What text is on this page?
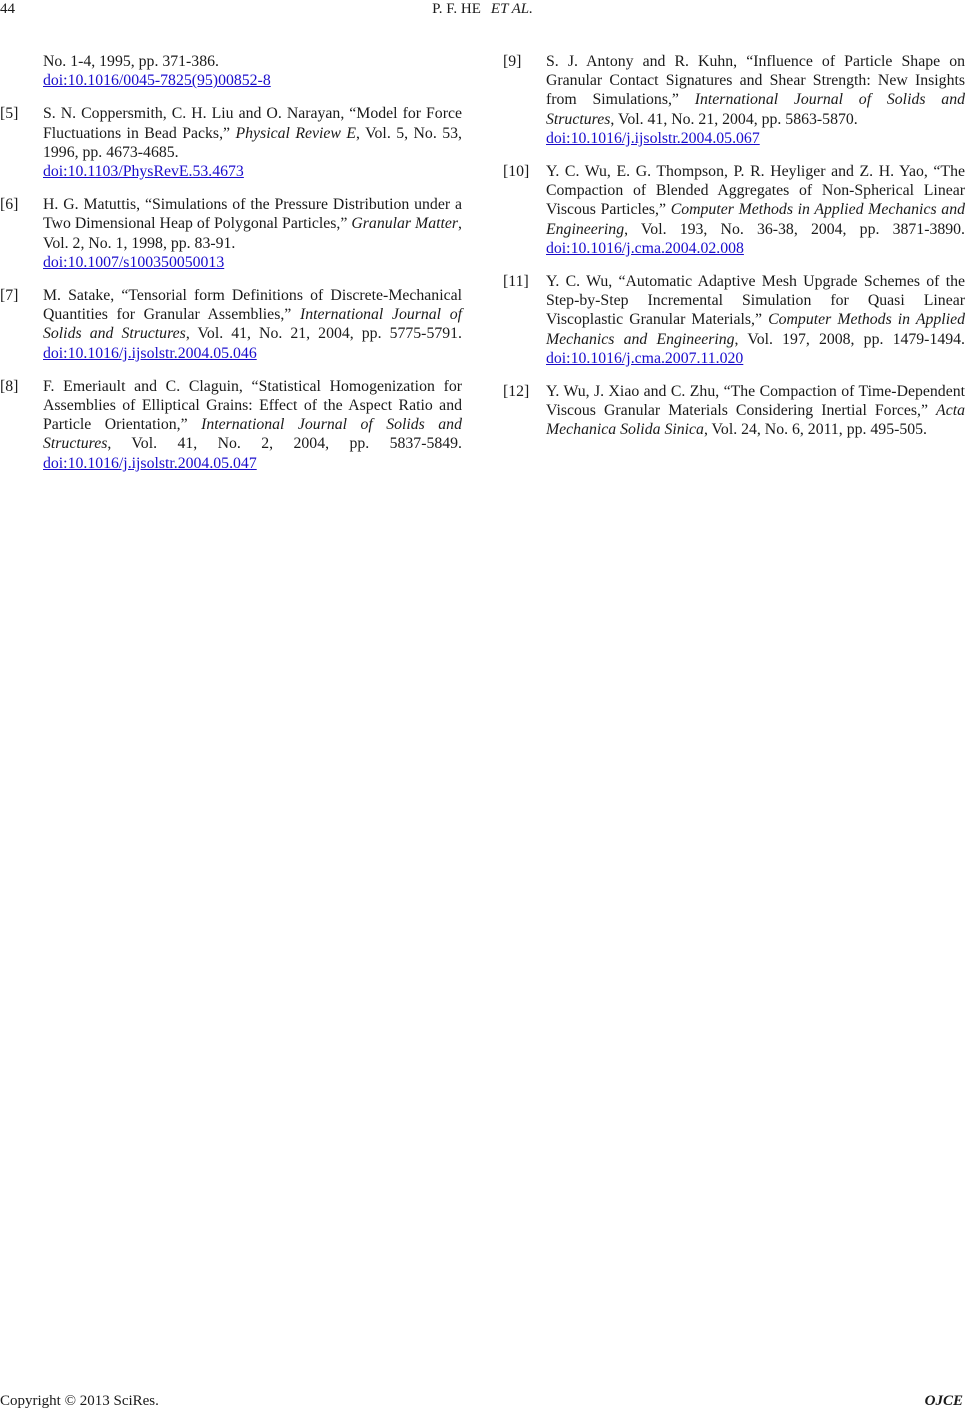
44	P. F. HE ET AL.
No. 1-4, 1995, pp. 371-386.
doi:10.1016/0045-7825(95)00852-8
[5] S. N. Coppersmith, C. H. Liu and O. Narayan, “Model for Force Fluctuations in Bead Packs,” Physical Review E, Vol. 5, No. 53, 1996, pp. 4673-4685.
doi:10.1103/PhysRevE.53.4673
[6] H. G. Matuttis, “Simulations of the Pressure Distribution under a Two Dimensional Heap of Polygonal Particles,” Granular Matter, Vol. 2, No. 1, 1998, pp. 83-91.
doi:10.1007/s100350050013
[7] M. Satake, “Tensorial form Definitions of Discrete-Mechanical Quantities for Granular Assemblies,” International Journal of Solids and Structures, Vol. 41, No. 21, 2004, pp. 5775-5791. doi:10.1016/j.ijsolstr.2004.05.046
[8] F. Emeriault and C. Claguin, “Statistical Homogenization for Assemblies of Elliptical Grains: Effect of the Aspect Ratio and Particle Orientation,” International Journal of Solids and Structures, Vol. 41, No. 2, 2004, pp. 5837-5849. doi:10.1016/j.ijsolstr.2004.05.047
[9] S. J. Antony and R. Kuhn, “Influence of Particle Shape on Granular Contact Signatures and Shear Strength: New Insights from Simulations,” International Journal of Solids and Structures, Vol. 41, No. 21, 2004, pp. 5863-5870.
doi:10.1016/j.ijsolstr.2004.05.067
[10] Y. C. Wu, E. G. Thompson, P. R. Heyliger and Z. H. Yao, “The Compaction of Blended Aggregates of Non-Spherical Linear Viscous Particles,” Computer Methods in Applied Mechanics and Engineering, Vol. 193, No. 36-38, 2004, pp. 3871-3890. doi:10.1016/j.cma.2004.02.008
[11] Y. C. Wu, “Automatic Adaptive Mesh Upgrade Schemes of the Step-by-Step Incremental Simulation for Quasi Linear Viscoplastic Granular Materials,” Computer Methods in Applied Mechanics and Engineering, Vol. 197, 2008, pp. 1479-1494. doi:10.1016/j.cma.2007.11.020
[12] Y. Wu, J. Xiao and C. Zhu, “The Compaction of Time-Dependent Viscous Granular Materials Considering Inertial Forces,” Acta Mechanica Solida Sinica, Vol. 24, No. 6, 2011, pp. 495-505.
Copyright © 2013 SciRes.	OJCE
